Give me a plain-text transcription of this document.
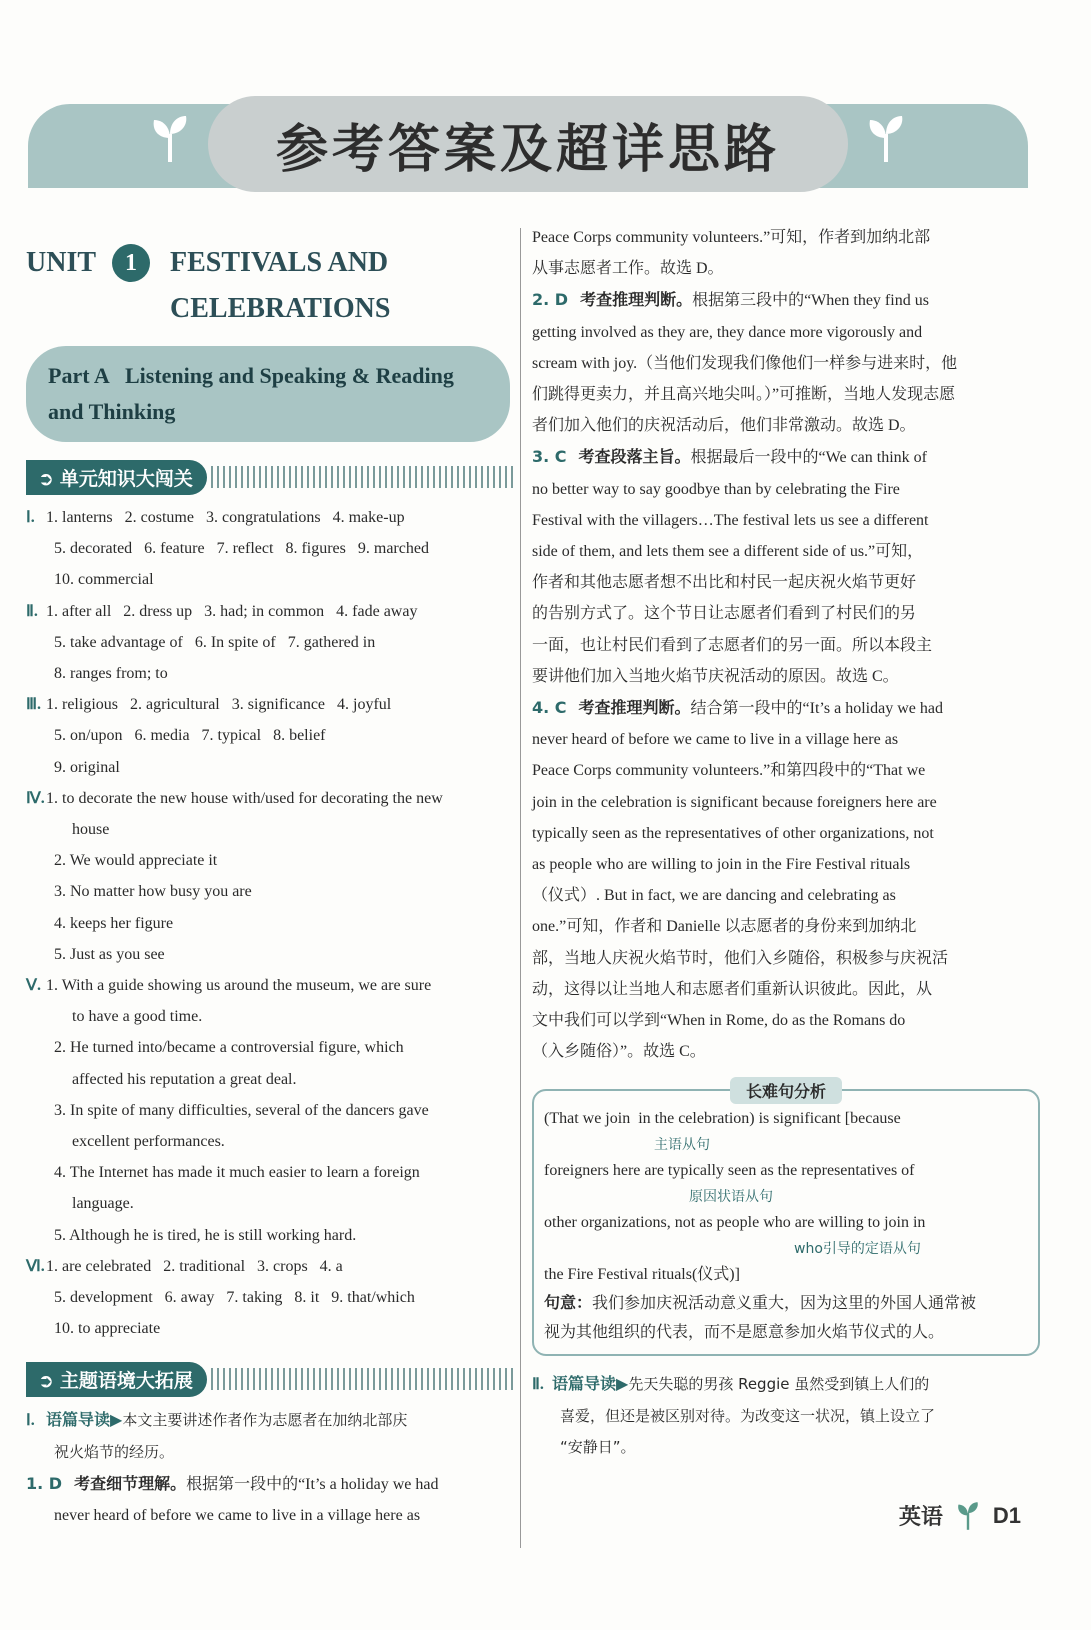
参考答案及超详思路
UNIT	1	FESTIVALS AND
CELEBRATIONS
Part A   Listening and Speaking & Reading
and Thinking
➲ 单元知识大闯关
Ⅰ. 1. lanterns   2. costume   3. congratulations   4. make-up
5. decorated   6. feature   7. reflect   8. figures   9. marched
10. commercial
Ⅱ. 1. after all   2. dress up   3. had; in common   4. fade away
5. take advantage of   6. In spite of   7. gathered in
8. ranges from; to
Ⅲ. 1. religious   2. agricultural   3. significance   4. joyful
5. on/upon   6. media   7. typical   8. belief
9. original
Ⅳ.1. to decorate the new house with/used for decorating the new
house
2. We would appreciate it
3. No matter how busy you are
4. keeps her figure
5. Just as you see
Ⅴ. 1. With a guide showing us around the museum, we are sure
to have a good time.
2. He turned into/became a controversial figure, which
affected his reputation a great deal.
3. In spite of many difficulties, several of the dancers gave
excellent performances.
4. The Internet has made it much easier to learn a foreign
language.
5. Although he is tired, he is still working hard.
Ⅵ.1. are celebrated   2. traditional   3. crops   4. a
5. development   6. away   7. taking   8. it   9. that/which
10. to appreciate
➲ 主题语境大拓展
Ⅰ. 语篇导读▶本文主要讲述作者作为志愿者在加纳北部庆
祝火焰节的经历。
1. D 考查细节理解。根据第一段中的“It’s a holiday we had
never heard of before we came to live in a village here as
Peace Corps community volunteers.”可知，作者到加纳北部
从事志愿者工作。故选 D。
2. D 考查推理判断。根据第三段中的“When they find us
getting involved as they are, they dance more vigorously and
scream with joy.（当他们发现我们像他们一样参与进来时，他
们跳得更卖力，并且高兴地尖叫。）”可推断，当地人发现志愿
者们加入他们的庆祝活动后，他们非常激动。故选 D。
3. C 考查段落主旨。根据最后一段中的“We can think of
no better way to say goodbye than by celebrating the Fire
Festival with the villagers…The festival lets us see a different
side of them, and lets them see a different side of us.”可知，
作者和其他志愿者想不出比和村民一起庆祝火焰节更好
的告别方式了。这个节日让志愿者们看到了村民们的另
一面，也让村民们看到了志愿者们的另一面。所以本段主
要讲他们加入当地火焰节庆祝活动的原因。故选 C。
4. C 考查推理判断。结合第一段中的“It’s a holiday we had
never heard of before we came to live in a village here as
Peace Corps community volunteers.”和第四段中的“That we
join in the celebration is significant because foreigners here are
typically seen as the representatives of other organizations, not
as people who are willing to join in the Fire Festival rituals
（仪式）. But in fact, we are dancing and celebrating as
one.”可知，作者和 Danielle 以志愿者的身份来到加纳北
部，当地人庆祝火焰节时，他们入乡随俗，积极参与庆祝活
动，这得以让当地人和志愿者们重新认识彼此。因此，从
文中我们可以学到“When in Rome, do as the Romans do
（入乡随俗）”。故选 C。
长难句分析
(That we join  in the celebration) is significant [because
主语从句
foreigners here are typically seen as the representatives of
原因状语从句
other organizations, not as people who are willing to join in
who引导的定语从句
the Fire Festival rituals(仪式)]
句意：我们参加庆祝活动意义重大，因为这里的外国人通常被
视为其他组织的代表，而不是愿意参加火焰节仪式的人。
Ⅱ. 语篇导读▶先天失聪的男孩 Reggie 虽然受到镇上人们的
喜爱，但还是被区别对待。为改变这一状况，镇上设立了
“安静日”。
英语 D1
